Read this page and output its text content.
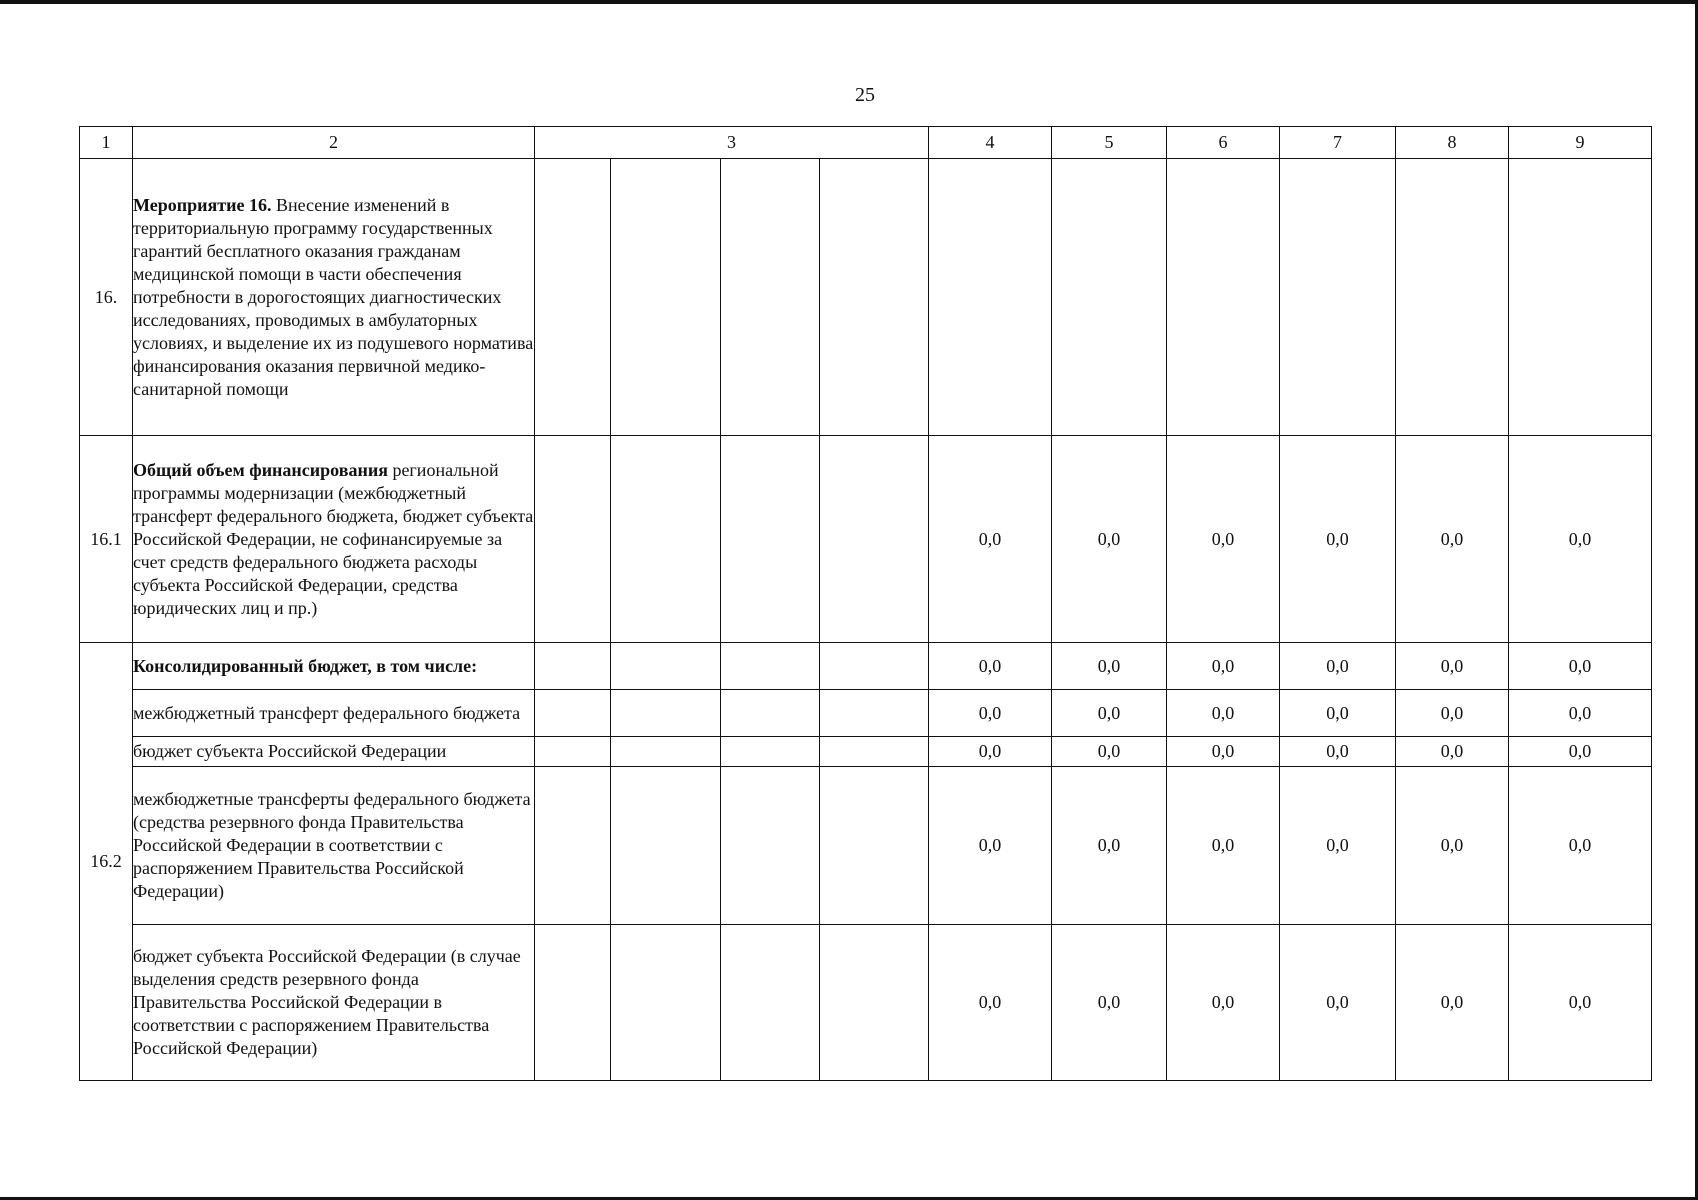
25
1	2	3				4	5	6	7	8	9
16.	Мероприятие 16. Внесение изменений в территориальную программу государственных гарантий бесплатного оказания гражданам медицинской помощи в части обеспечения потребности в дорогостоящих диагностических исследованиях, проводимых в амбулаторных условиях, и выделение их из подушевого норматива финансирования оказания первичной медико-санитарной помощи										
16.1	Общий объем финансирования региональной программы модернизации (межбюджетный трансферт федерального бюджета, бюджет субъекта Российской Федерации, не софинансируемые за счет средств федерального бюджета расходы субъекта Российской Федерации, средства юридических лиц и пр.)					0,0	0,0	0,0	0,0	0,0	0,0
16.2	Консолидированный бюджет, в том числе:					0,0	0,0	0,0	0,0	0,0	0,0
	межбюджетный трансферт федерального бюджета					0,0	0,0	0,0	0,0	0,0	0,0
	бюджет субъекта Российской Федерации					0,0	0,0	0,0	0,0	0,0	0,0
	межбюджетные трансферты федерального бюджета (средства резервного фонда Правительства Российской Федерации в соответствии с распоряжением Правительства Российской Федерации)					0,0	0,0	0,0	0,0	0,0	0,0
	бюджет субъекта Российской Федерации (в случае выделения средств резервного фонда Правительства Российской Федерации в соответствии с распоряжением Правительства Российской Федерации)					0,0	0,0	0,0	0,0	0,0	0,0
